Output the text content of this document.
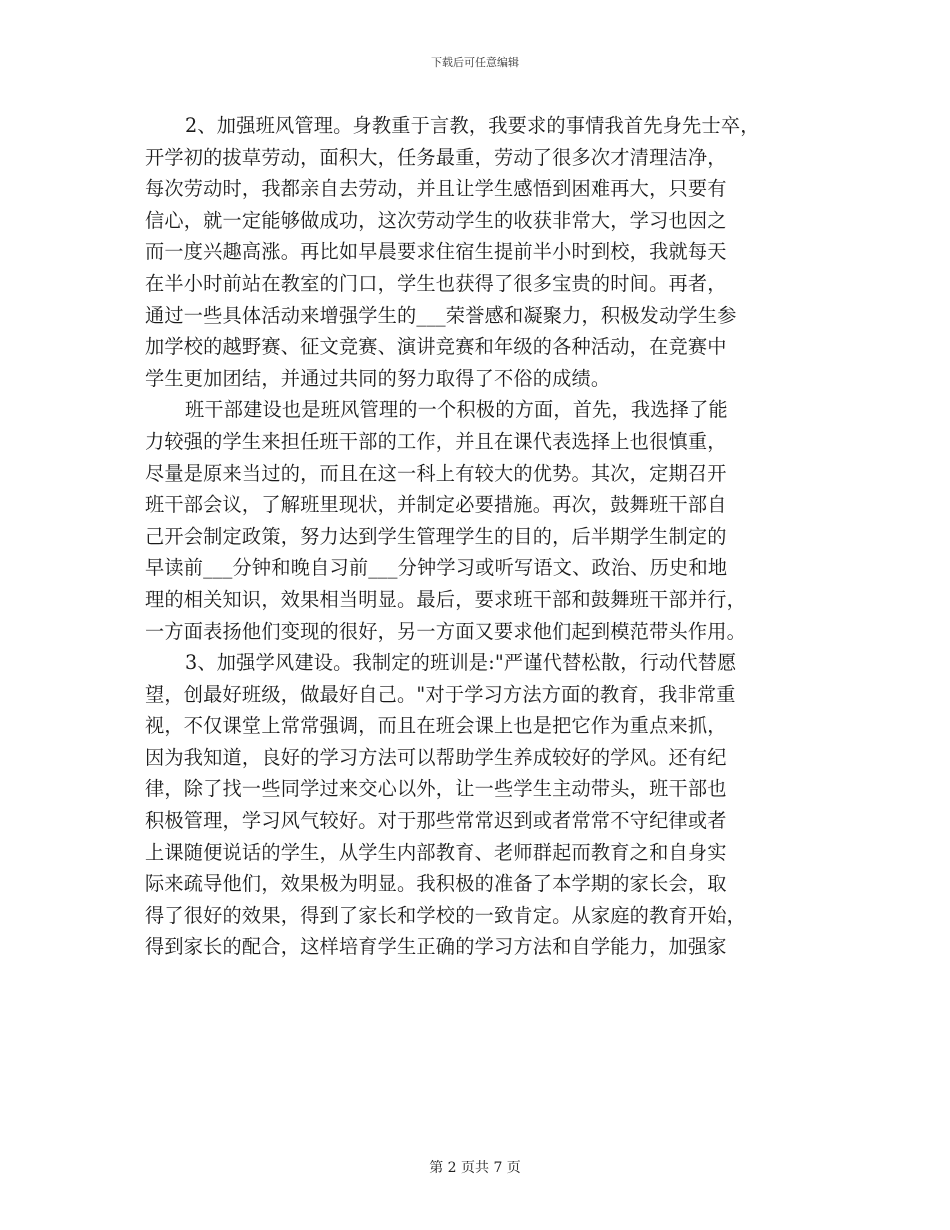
下载后可任意编辑
2、加强班风管理。身教重于言教，我要求的事情我首先身先士卒，
开学初的拔草劳动，面积大，任务最重，劳动了很多次才清理洁净，
每次劳动时，我都亲自去劳动，并且让学生感悟到困难再大，只要有
信心，就一定能够做成功，这次劳动学生的收获非常大，学习也因之
而一度兴趣高涨。再比如早晨要求住宿生提前半小时到校，我就每天
在半小时前站在教室的门口，学生也获得了很多宝贵的时间。再者，
通过一些具体活动来增强学生的___荣誉感和凝聚力，积极发动学生参
加学校的越野赛、征文竞赛、演讲竞赛和年级的各种活动，在竞赛中
学生更加团结，并通过共同的努力取得了不俗的成绩。
班干部建设也是班风管理的一个积极的方面，首先，我选择了能
力较强的学生来担任班干部的工作，并且在课代表选择上也很慎重，
尽量是原来当过的，而且在这一科上有较大的优势。其次，定期召开
班干部会议，了解班里现状，并制定必要措施。再次，鼓舞班干部自
己开会制定政策，努力达到学生管理学生的目的，后半期学生制定的
早读前___分钟和晚自习前___分钟学习或听写语文、政治、历史和地
理的相关知识，效果相当明显。最后，要求班干部和鼓舞班干部并行，
一方面表扬他们变现的很好，另一方面又要求他们起到模范带头作用。
3、加强学风建设。我制定的班训是:"严谨代替松散，行动代替愿
望，创最好班级，做最好自己。"对于学习方法方面的教育，我非常重
视，不仅课堂上常常强调，而且在班会课上也是把它作为重点来抓，
因为我知道，良好的学习方法可以帮助学生养成较好的学风。还有纪
律，除了找一些同学过来交心以外，让一些学生主动带头，班干部也
积极管理，学习风气较好。对于那些常常迟到或者常常不守纪律或者
上课随便说话的学生，从学生内部教育、老师群起而教育之和自身实
际来疏导他们，效果极为明显。我积极的准备了本学期的家长会，取
得了很好的效果，得到了家长和学校的一致肯定。从家庭的教育开始，
得到家长的配合，这样培育学生正确的学习方法和自学能力，加强家
第 2 页共 7 页
